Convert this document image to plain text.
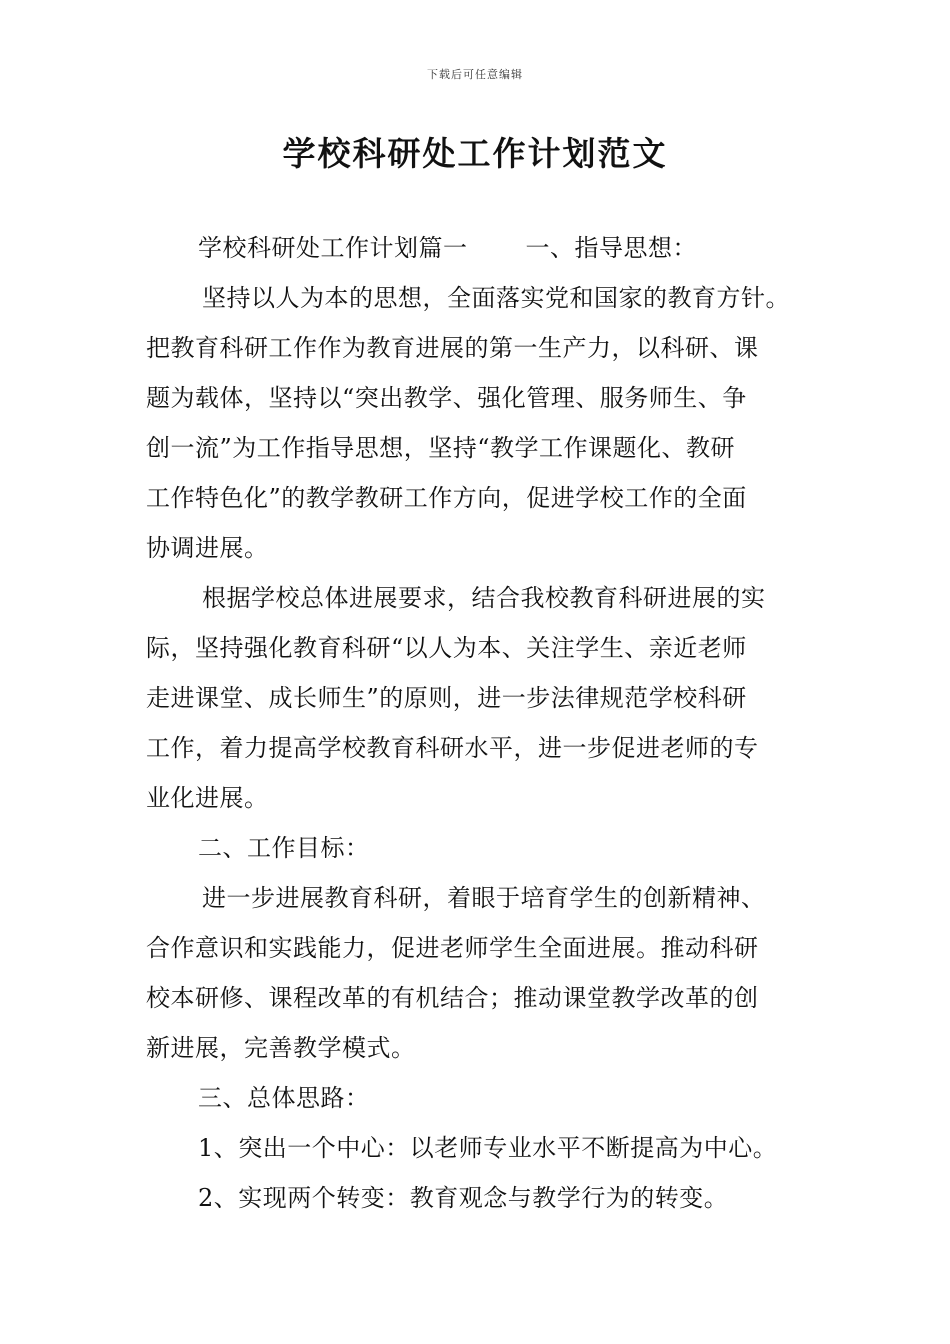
下载后可任意编辑
学校科研处工作计划范文

学校科研处工作计划篇一 一、指导思想：

坚持以人为本的思想，全面落实党和国家的教育方针。

把教育科研工作作为教育进展的第一生产力，以科研、课

题为载体，坚持以“突出教学、强化管理、服务师生、争

创一流”为工作指导思想，坚持“教学工作课题化、教研

工作特色化”的教学教研工作方向，促进学校工作的全面

协调进展。

根据学校总体进展要求，结合我校教育科研进展的实

际，坚持强化教育科研“以人为本、关注学生、亲近老师

走进课堂、成长师生”的原则，进一步法律规范学校科研

工作，着力提高学校教育科研水平，进一步促进老师的专

业化进展。

二、工作目标：

进一步进展教育科研，着眼于培育学生的创新精神、

合作意识和实践能力，促进老师学生全面进展。推动科研

校本研修、课程改革的有机结合；推动课堂教学改革的创

新进展，完善教学模式。

三、总体思路：

1、突出一个中心：以老师专业水平不断提高为中心。

2、实现两个转变：教育观念与教学行为的转变。
